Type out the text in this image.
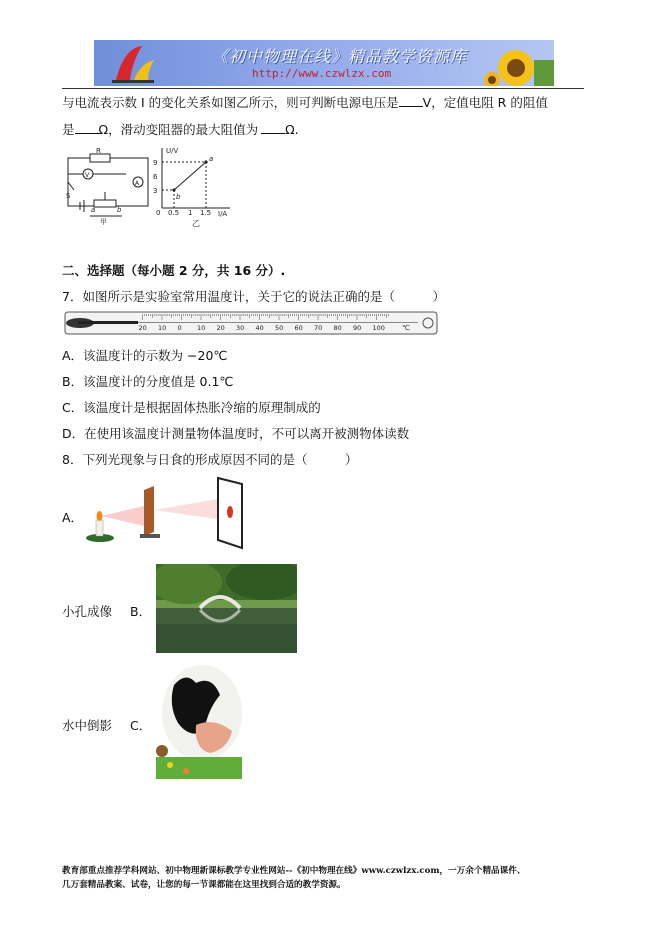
《初中物理在线》精品教学资源库
http://www.czwlzx.com
与电流表示数 I 的变化关系如图乙所示，则可判断电源电压是 V，定值电阻 R 的阻值
是 Ω，滑动变阻器的最大阻值为 Ω.
R
V
A
S
a	b
甲
U/V
I/A
9
6
3
0 0.5 1 1.5
a
b
乙
二、选择题（每小题 2 分，共 16 分）.
7．如图所示是实验室常用温度计，关于它的说法正确的是（　　　）
20 10 0 10 20 30 40 50 60 70 80 90 100 ℃
A．该温度计的示数为 −20℃
B．该温度计的分度值是 0.1℃
C．该温度计是根据固体热胀冷缩的原理制成的
D．在使用该温度计测量物体温度时，不可以离开被测物体读数
8．下列光现象与日食的形成原因不同的是（　　　）
A．
小孔成像 B．
水中倒影 C．
教育部重点推荐学科网站、初中物理新课标教学专业性网站--《初中物理在线》www.czwlzx.com，一万余个精品课件、
几万套精品教案、试卷，让您的每一节课都能在这里找到合适的教学资源。
